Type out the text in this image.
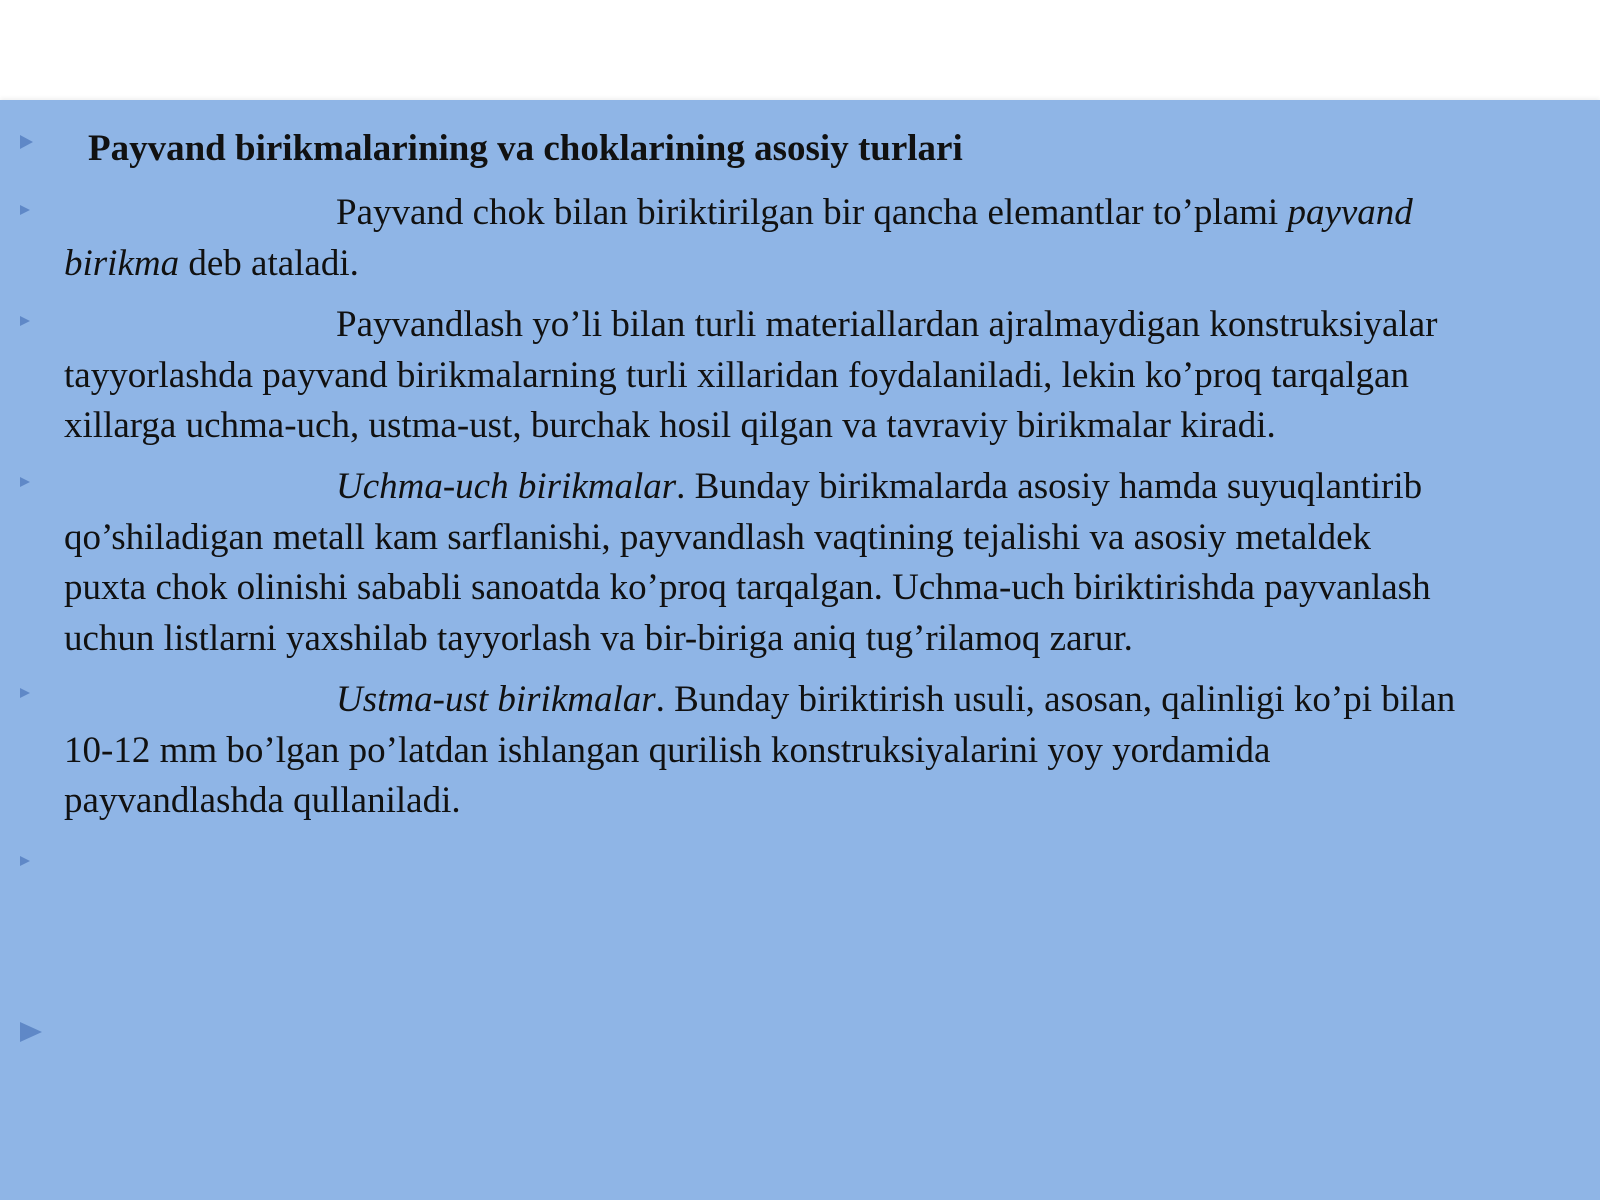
Payvand birikmalarining va choklarining asosiy turlari
Payvand chok bilan biriktirilgan bir qancha elemantlar to’plami payvand
birikma deb ataladi.
Payvandlash yo’li bilan turli materiallardan ajralmaydigan konstruksiyalar
tayyorlashda payvand birikmalarning turli xillaridan foydalaniladi, lekin ko’proq tarqalgan
xillarga uchma-uch, ustma-ust, burchak hosil qilgan va tavraviy birikmalar kiradi.
Uchma-uch birikmalar. Bunday birikmalarda asosiy hamda suyuqlantirib
qo’shiladigan metall kam sarflanishi, payvandlash vaqtining tejalishi va asosiy metaldek
puxta chok olinishi sababli sanoatda ko’proq tarqalgan. Uchma-uch biriktirishda payvanlash
uchun listlarni yaxshilab tayyorlash va bir-biriga aniq tug’rilamoq zarur.
Ustma-ust birikmalar. Bunday biriktirish usuli, asosan, qalinligi ko’pi bilan
10-12 mm bo’lgan po’latdan ishlangan qurilish konstruksiyalarini yoy yordamida
payvandlashda qullaniladi.
